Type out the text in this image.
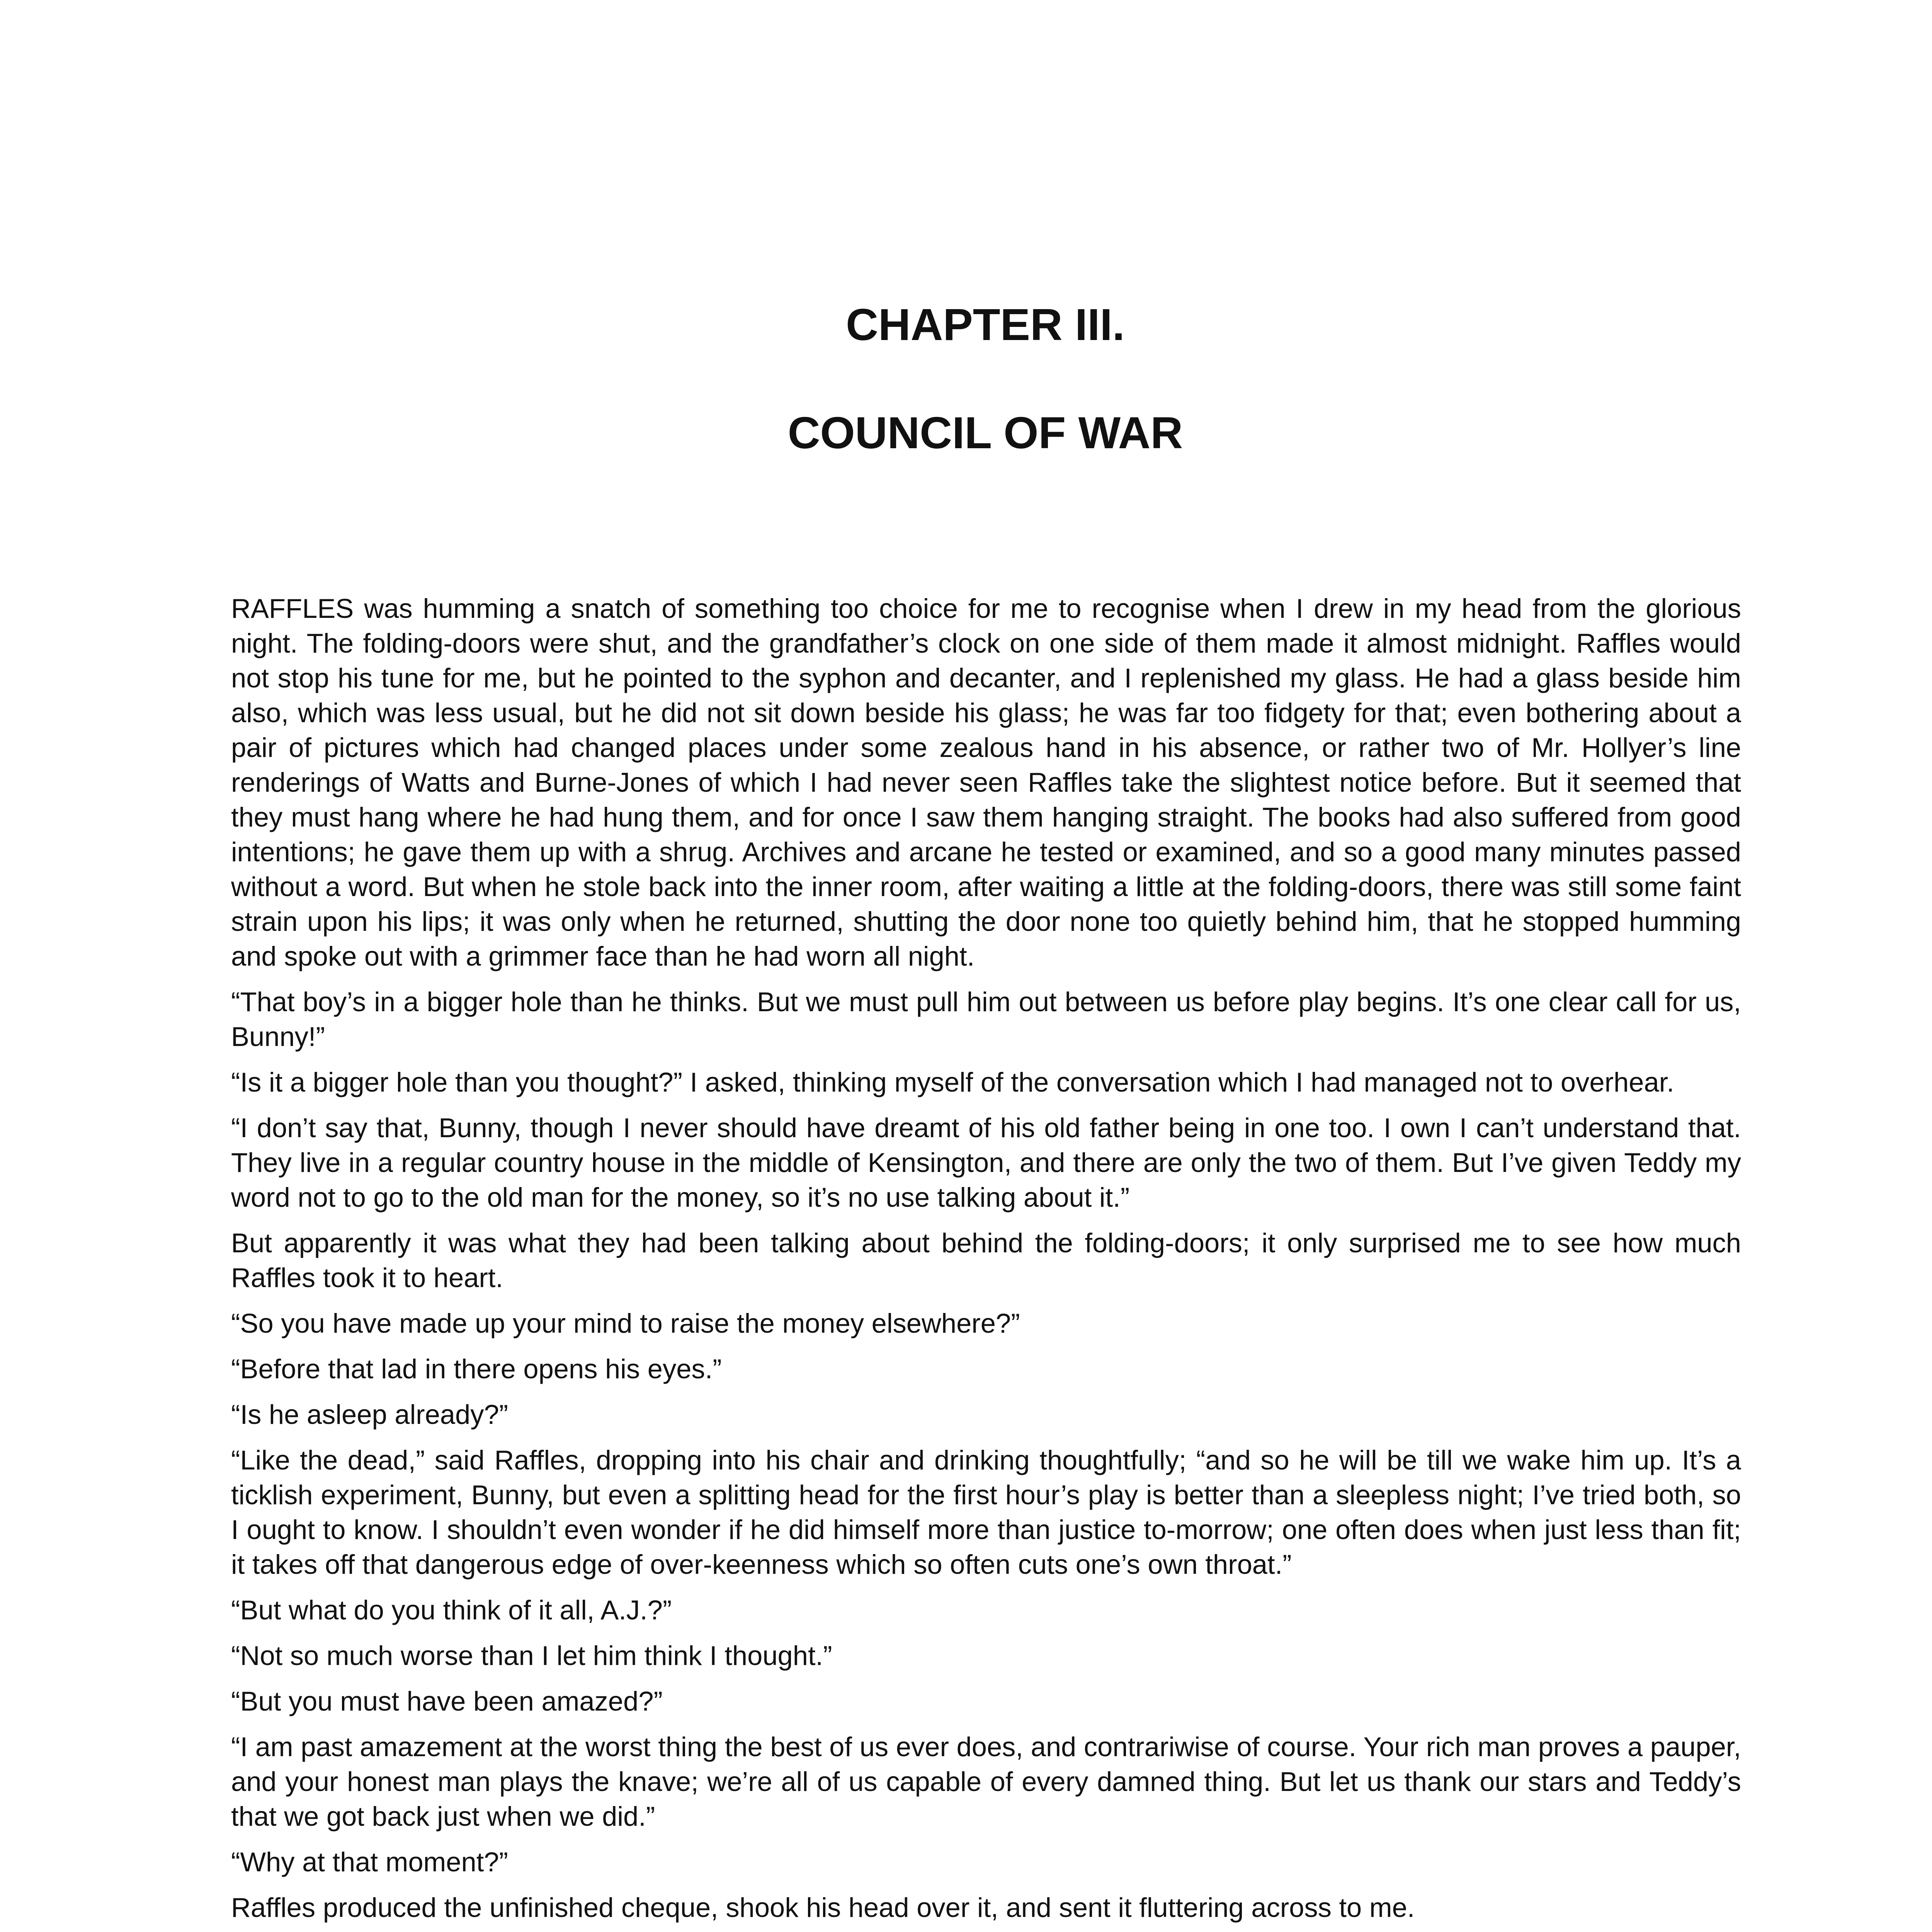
CHAPTER III.
COUNCIL OF WAR

RAFFLES was humming a snatch of something too choice for me to recognise when I drew in my head from the glorious night. The folding-doors were shut, and the grandfather’s clock on one side of them made it almost midnight. Raffles would not stop his tune for me, but he pointed to the syphon and decanter, and I replenished my glass. He had a glass beside him also, which was less usual, but he did not sit down beside his glass; he was far too fidgety for that; even bothering about a pair of pictures which had changed places under some zealous hand in his absence, or rather two of Mr. Hollyer’s line renderings of Watts and Burne-Jones of which I had never seen Raffles take the slightest notice before. But it seemed that they must hang where he had hung them, and for once I saw them hanging straight. The books had also suffered from good intentions; he gave them up with a shrug. Archives and arcane he tested or examined, and so a good many minutes passed without a word. But when he stole back into the inner room, after waiting a little at the folding-doors, there was still some faint strain upon his lips; it was only when he returned, shutting the door none too quietly behind him, that he stopped humming and spoke out with a grimmer face than he had worn all night.

“That boy’s in a bigger hole than he thinks. But we must pull him out between us before play begins. It’s one clear call for us, Bunny!”

“Is it a bigger hole than you thought?” I asked, thinking myself of the conversation which I had managed not to overhear.

“I don’t say that, Bunny, though I never should have dreamt of his old father being in one too. I own I can’t understand that. They live in a regular country house in the middle of Kensington, and there are only the two of them. But I’ve given Teddy my word not to go to the old man for the money, so it’s no use talking about it.”

But apparently it was what they had been talking about behind the folding-doors; it only surprised me to see how much Raffles took it to heart.

“So you have made up your mind to raise the money elsewhere?”

“Before that lad in there opens his eyes.”

“Is he asleep already?”

“Like the dead,” said Raffles, dropping into his chair and drinking thoughtfully; “and so he will be till we wake him up. It’s a ticklish experiment, Bunny, but even a splitting head for the first hour’s play is better than a sleepless night; I’ve tried both, so I ought to know. I shouldn’t even wonder if he did himself more than justice to-morrow; one often does when just less than fit; it takes off that dangerous edge of over-keenness which so often cuts one’s own throat.”

“But what do you think of it all, A.J.?”

“Not so much worse than I let him think I thought.”

“But you must have been amazed?”

“I am past amazement at the worst thing the best of us ever does, and contrariwise of course. Your rich man proves a pauper, and your honest man plays the knave; we’re all of us capable of every damned thing. But let us thank our stars and Teddy’s that we got back just when we did.”

“Why at that moment?”

Raffles produced the unfinished cheque, shook his head over it, and sent it fluttering across to me.
